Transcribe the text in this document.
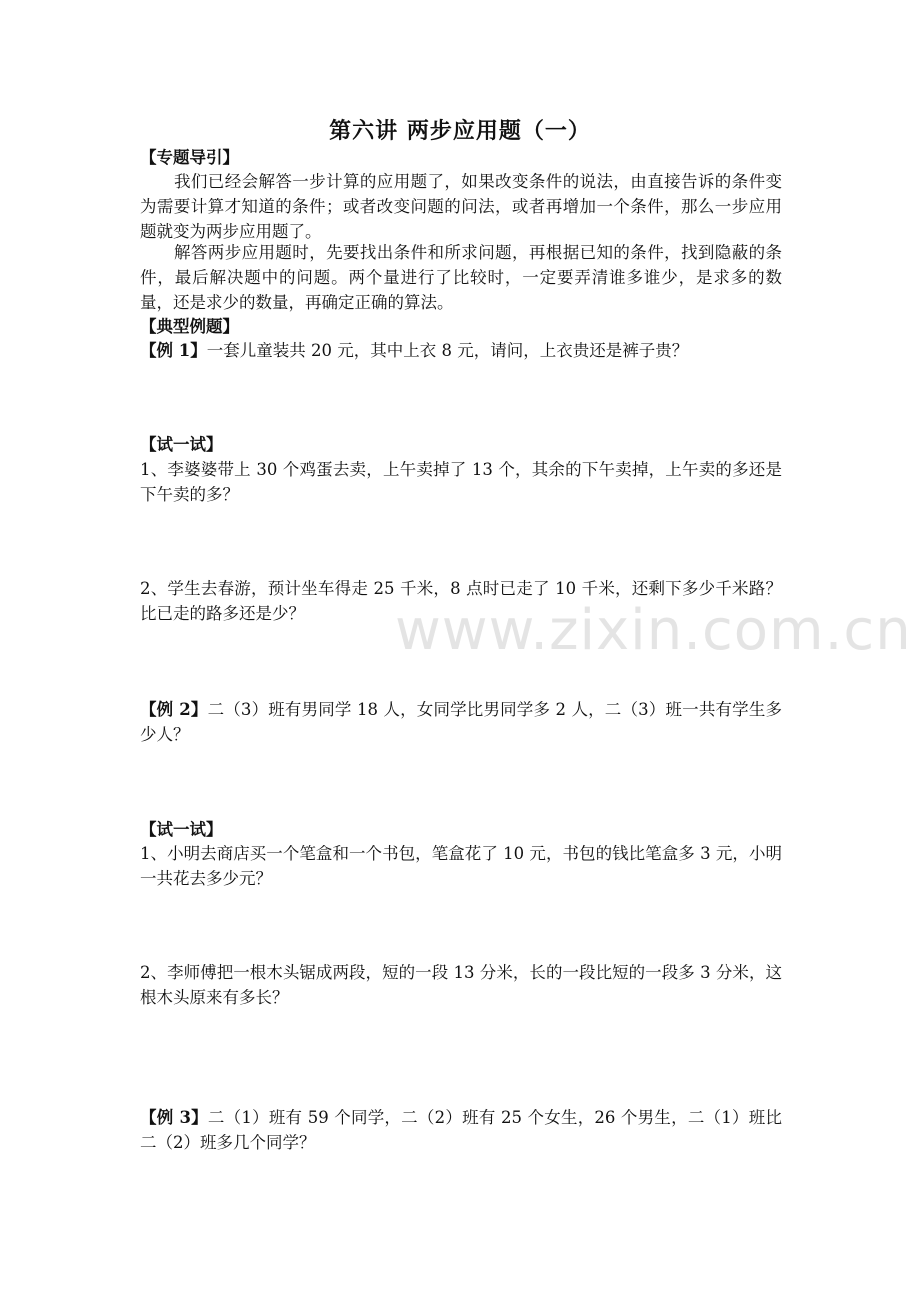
第六讲 两步应用题（一）
【专题导引】
我们已经会解答一步计算的应用题了，如果改变条件的说法，由直接告诉的条件变为需要计算才知道的条件；或者改变问题的问法，或者再增加一个条件，那么一步应用题就变为两步应用题了。
解答两步应用题时，先要找出条件和所求问题，再根据已知的条件，找到隐蔽的条件，最后解决题中的问题。两个量进行了比较时，一定要弄清谁多谁少，是求多的数量，还是求少的数量，再确定正确的算法。
【典型例题】
【例 1】一套儿童装共 20 元，其中上衣 8 元，请问，上衣贵还是裤子贵？
【试一试】
1、李婆婆带上 30 个鸡蛋去卖，上午卖掉了 13 个，其余的下午卖掉，上午卖的多还是下午卖的多？
2、学生去春游，预计坐车得走 25 千米，8 点时已走了 10 千米，还剩下多少千米路？比已走的路多还是少？
【例 2】二（3）班有男同学 18 人，女同学比男同学多 2 人，二（3）班一共有学生多少人？
【试一试】
1、小明去商店买一个笔盒和一个书包，笔盒花了 10 元，书包的钱比笔盒多 3 元，小明一共花去多少元？
2、李师傅把一根木头锯成两段，短的一段 13 分米，长的一段比短的一段多 3 分米，这根木头原来有多长？
【例 3】二（1）班有 59 个同学，二（2）班有 25 个女生，26 个男生，二（1）班比二（2）班多几个同学？
www.zixin.com.cn
